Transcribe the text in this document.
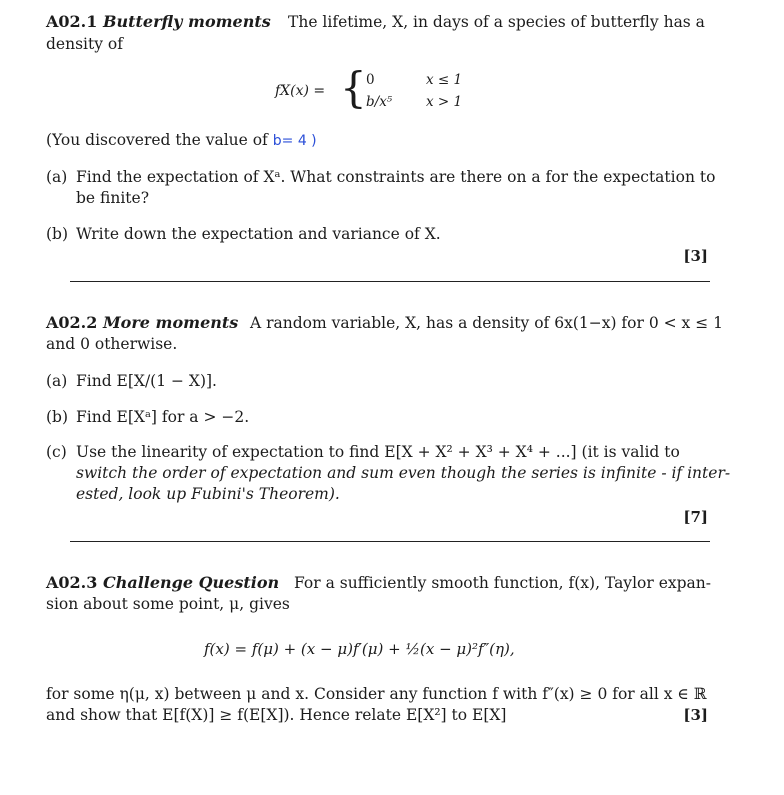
A02.1 Butterfly moments The lifetime, X, in days of a species of butterfly has a
density of
fX(x) = { 0	x ≤ 1
b/x⁵	x > 1
(You discovered the value of b= 4 )
(a) Find the expectation of Xᵃ. What constraints are there on a for the expectation to
be finite?
(b) Write down the expectation and variance of X.
[3]
A02.2 More moments A random variable, X, has a density of 6x(1−x) for 0 < x ≤ 1
and 0 otherwise.
(a) Find E[X/(1 − X)].
(b) Find E[Xᵃ] for a > −2.
(c) Use the linearity of expectation to find E[X + X² + X³ + X⁴ + ...] (it is valid to
switch the order of expectation and sum even though the series is infinite - if inter-
ested, look up Fubini's Theorem).
[7]
A02.3 Challenge Question For a sufficiently smooth function, f(x), Taylor expan-
sion about some point, μ, gives
f(x) = f(μ) + (x − μ)f′(μ) + ½(x − μ)²f″(η),
for some η(μ, x) between μ and x. Consider any function f with f″(x) ≥ 0 for all x ∈ ℝ
and show that E[f(X)] ≥ f(E[X]). Hence relate E[X²] to E[X]	[3]
